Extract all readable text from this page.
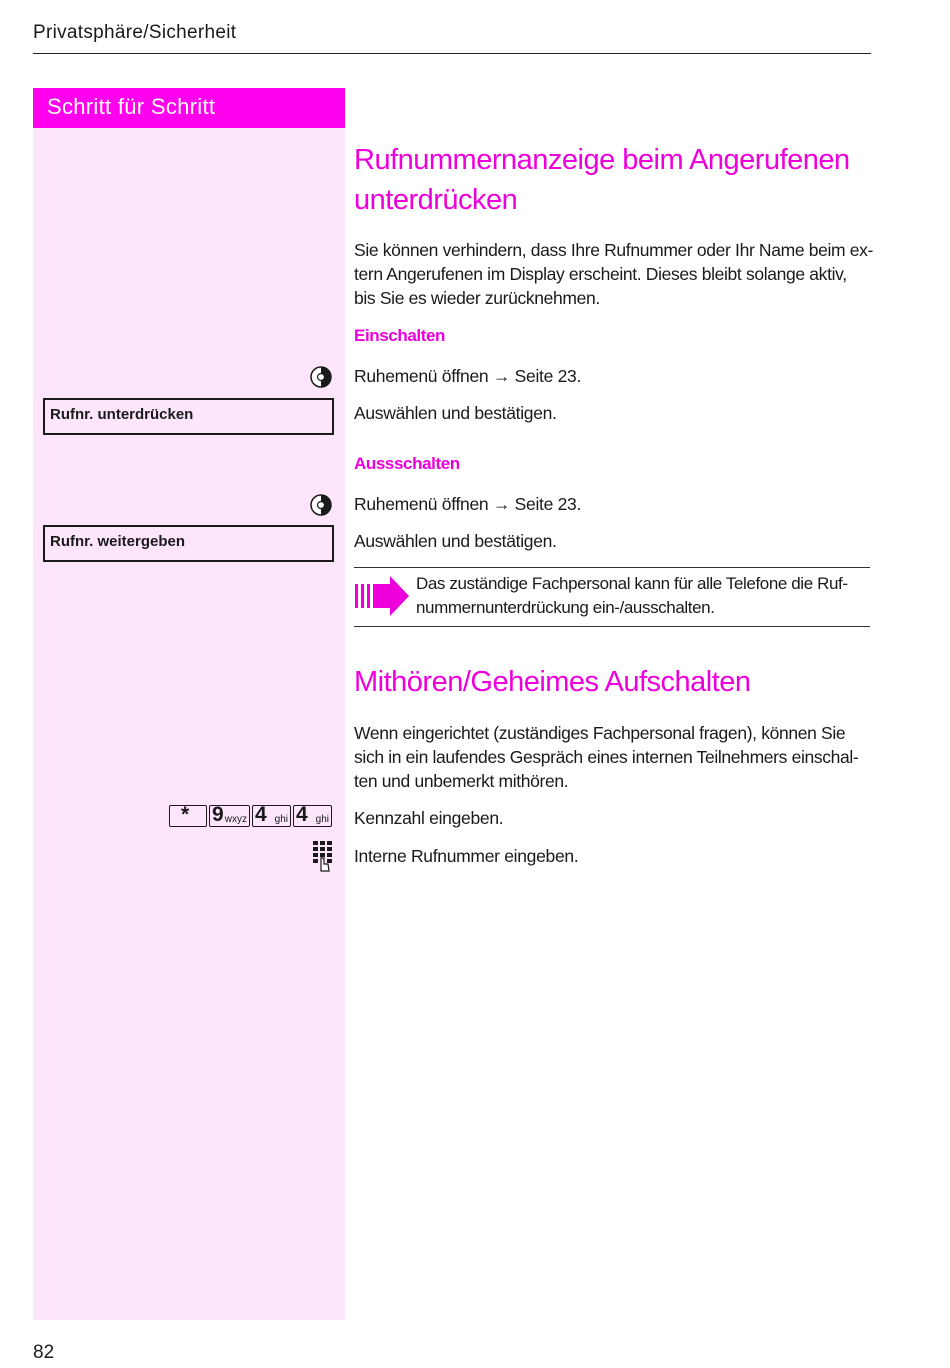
Privatsphäre/Sicherheit
Schritt für Schritt
Rufnummernanzeige beim Angerufenen
unterdrücken
Sie können verhindern, dass Ihre Rufnummer oder Ihr Name beim ex-
tern Angerufenen im Display erscheint. Dieses bleibt solange aktiv,
bis Sie es wieder zurücknehmen.
Einschalten
Ruhemenü öffnen → Seite 23.
Rufnr. unterdrücken	Auswählen und bestätigen.
Aussschalten
Ruhemenü öffnen → Seite 23.
Rufnr. weitergeben	Auswählen und bestätigen.
Das zuständige Fachpersonal kann für alle Telefone die Ruf-
nummernunterdrückung ein-/ausschalten.
Mithören/Geheimes Aufschalten
Wenn eingerichtet (zuständiges Fachpersonal fragen), können Sie
sich in ein laufendes Gespräch eines internen Teilnehmers einschal-
ten und unbemerkt mithören.
* 9 wxyz 4 ghi 4 ghi Kennzahl eingeben.
Interne Rufnummer eingeben.
82
